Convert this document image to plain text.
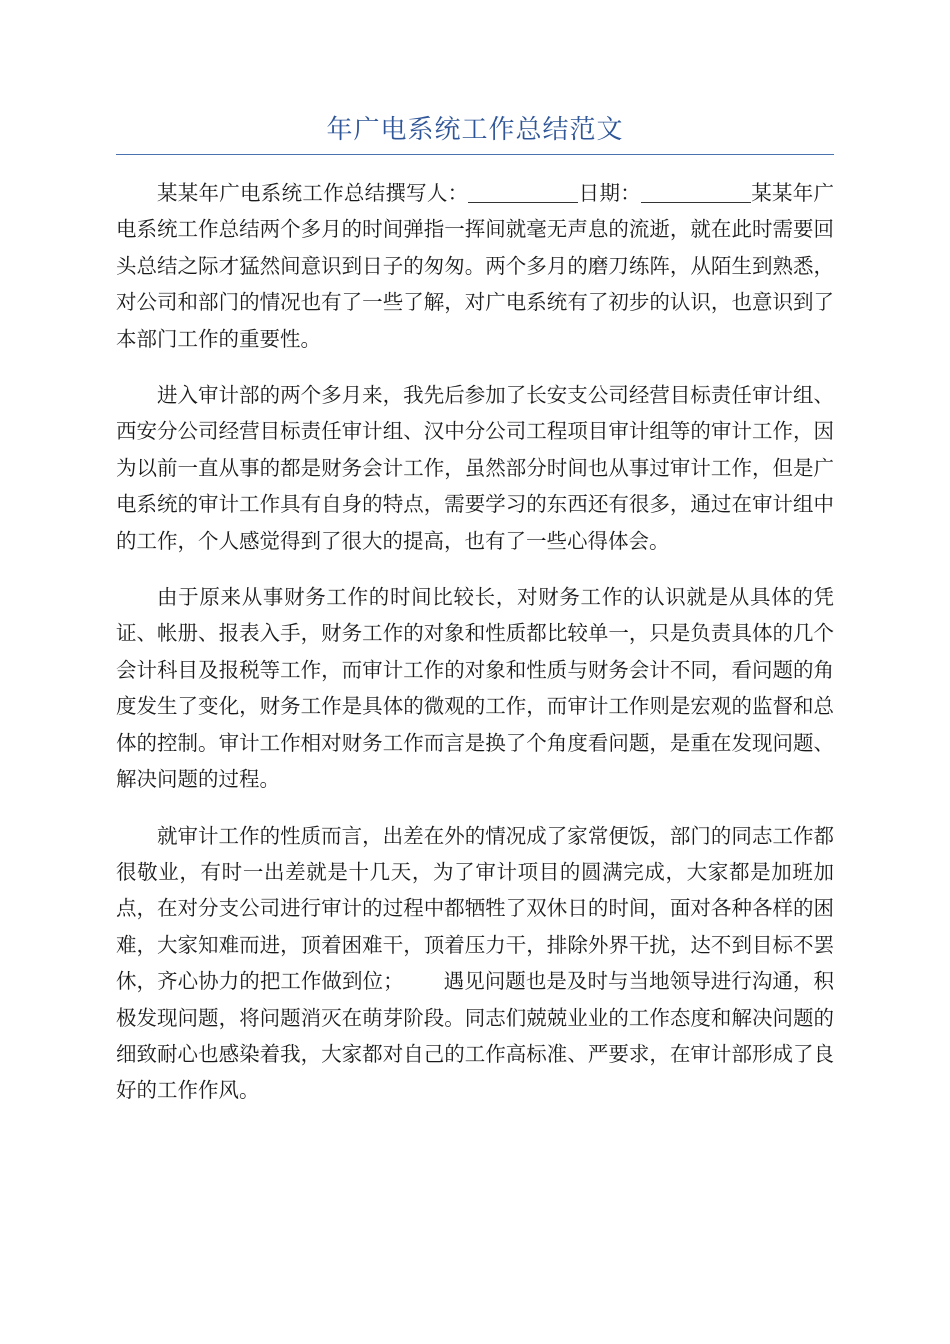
年广电系统工作总结范文

某某年广电系统工作总结撰写人：	日期：	某某年广电系统工作总结两个多月的时间弹指一挥间就毫无声息的流逝，就在此时需要回头总结之际才猛然间意识到日子的匆匆。两个多月的磨刀练阵，从陌生到熟悉，对公司和部门的情况也有了一些了解，对广电系统有了初步的认识，也意识到了本部门工作的重要性。

进入审计部的两个多月来，我先后参加了长安支公司经营目标责任审计组、西安分公司经营目标责任审计组、汉中分公司工程项目审计组等的审计工作，因为以前一直从事的都是财务会计工作，虽然部分时间也从事过审计工作，但是广电系统的审计工作具有自身的特点，需要学习的东西还有很多，通过在审计组中的工作，个人感觉得到了很大的提高，也有了一些心得体会。

由于原来从事财务工作的时间比较长，对财务工作的认识就是从具体的凭证、帐册、报表入手，财务工作的对象和性质都比较单一，只是负责具体的几个会计科目及报税等工作，而审计工作的对象和性质与财务会计不同，看问题的角度发生了变化，财务工作是具体的微观的工作，而审计工作则是宏观的监督和总体的控制。审计工作相对财务工作而言是换了个角度看问题，是重在发现问题、解决问题的过程。

就审计工作的性质而言，出差在外的情况成了家常便饭，部门的同志工作都很敬业，有时一出差就是十几天，为了审计项目的圆满完成，大家都是加班加点，在对分支公司进行审计的过程中都牺牲了双休日的时间，面对各种各样的困难，大家知难而进，顶着困难干，顶着压力干，排除外界干扰，达不到目标不罢休，齐心协力的把工作做到位； 遇见问题也是及时与当地领导进行沟通，积极发现问题，将问题消灭在萌芽阶段。同志们兢兢业业的工作态度和解决问题的细致耐心也感染着我，大家都对自己的工作高标准、严要求，在审计部形成了良好的工作作风。
